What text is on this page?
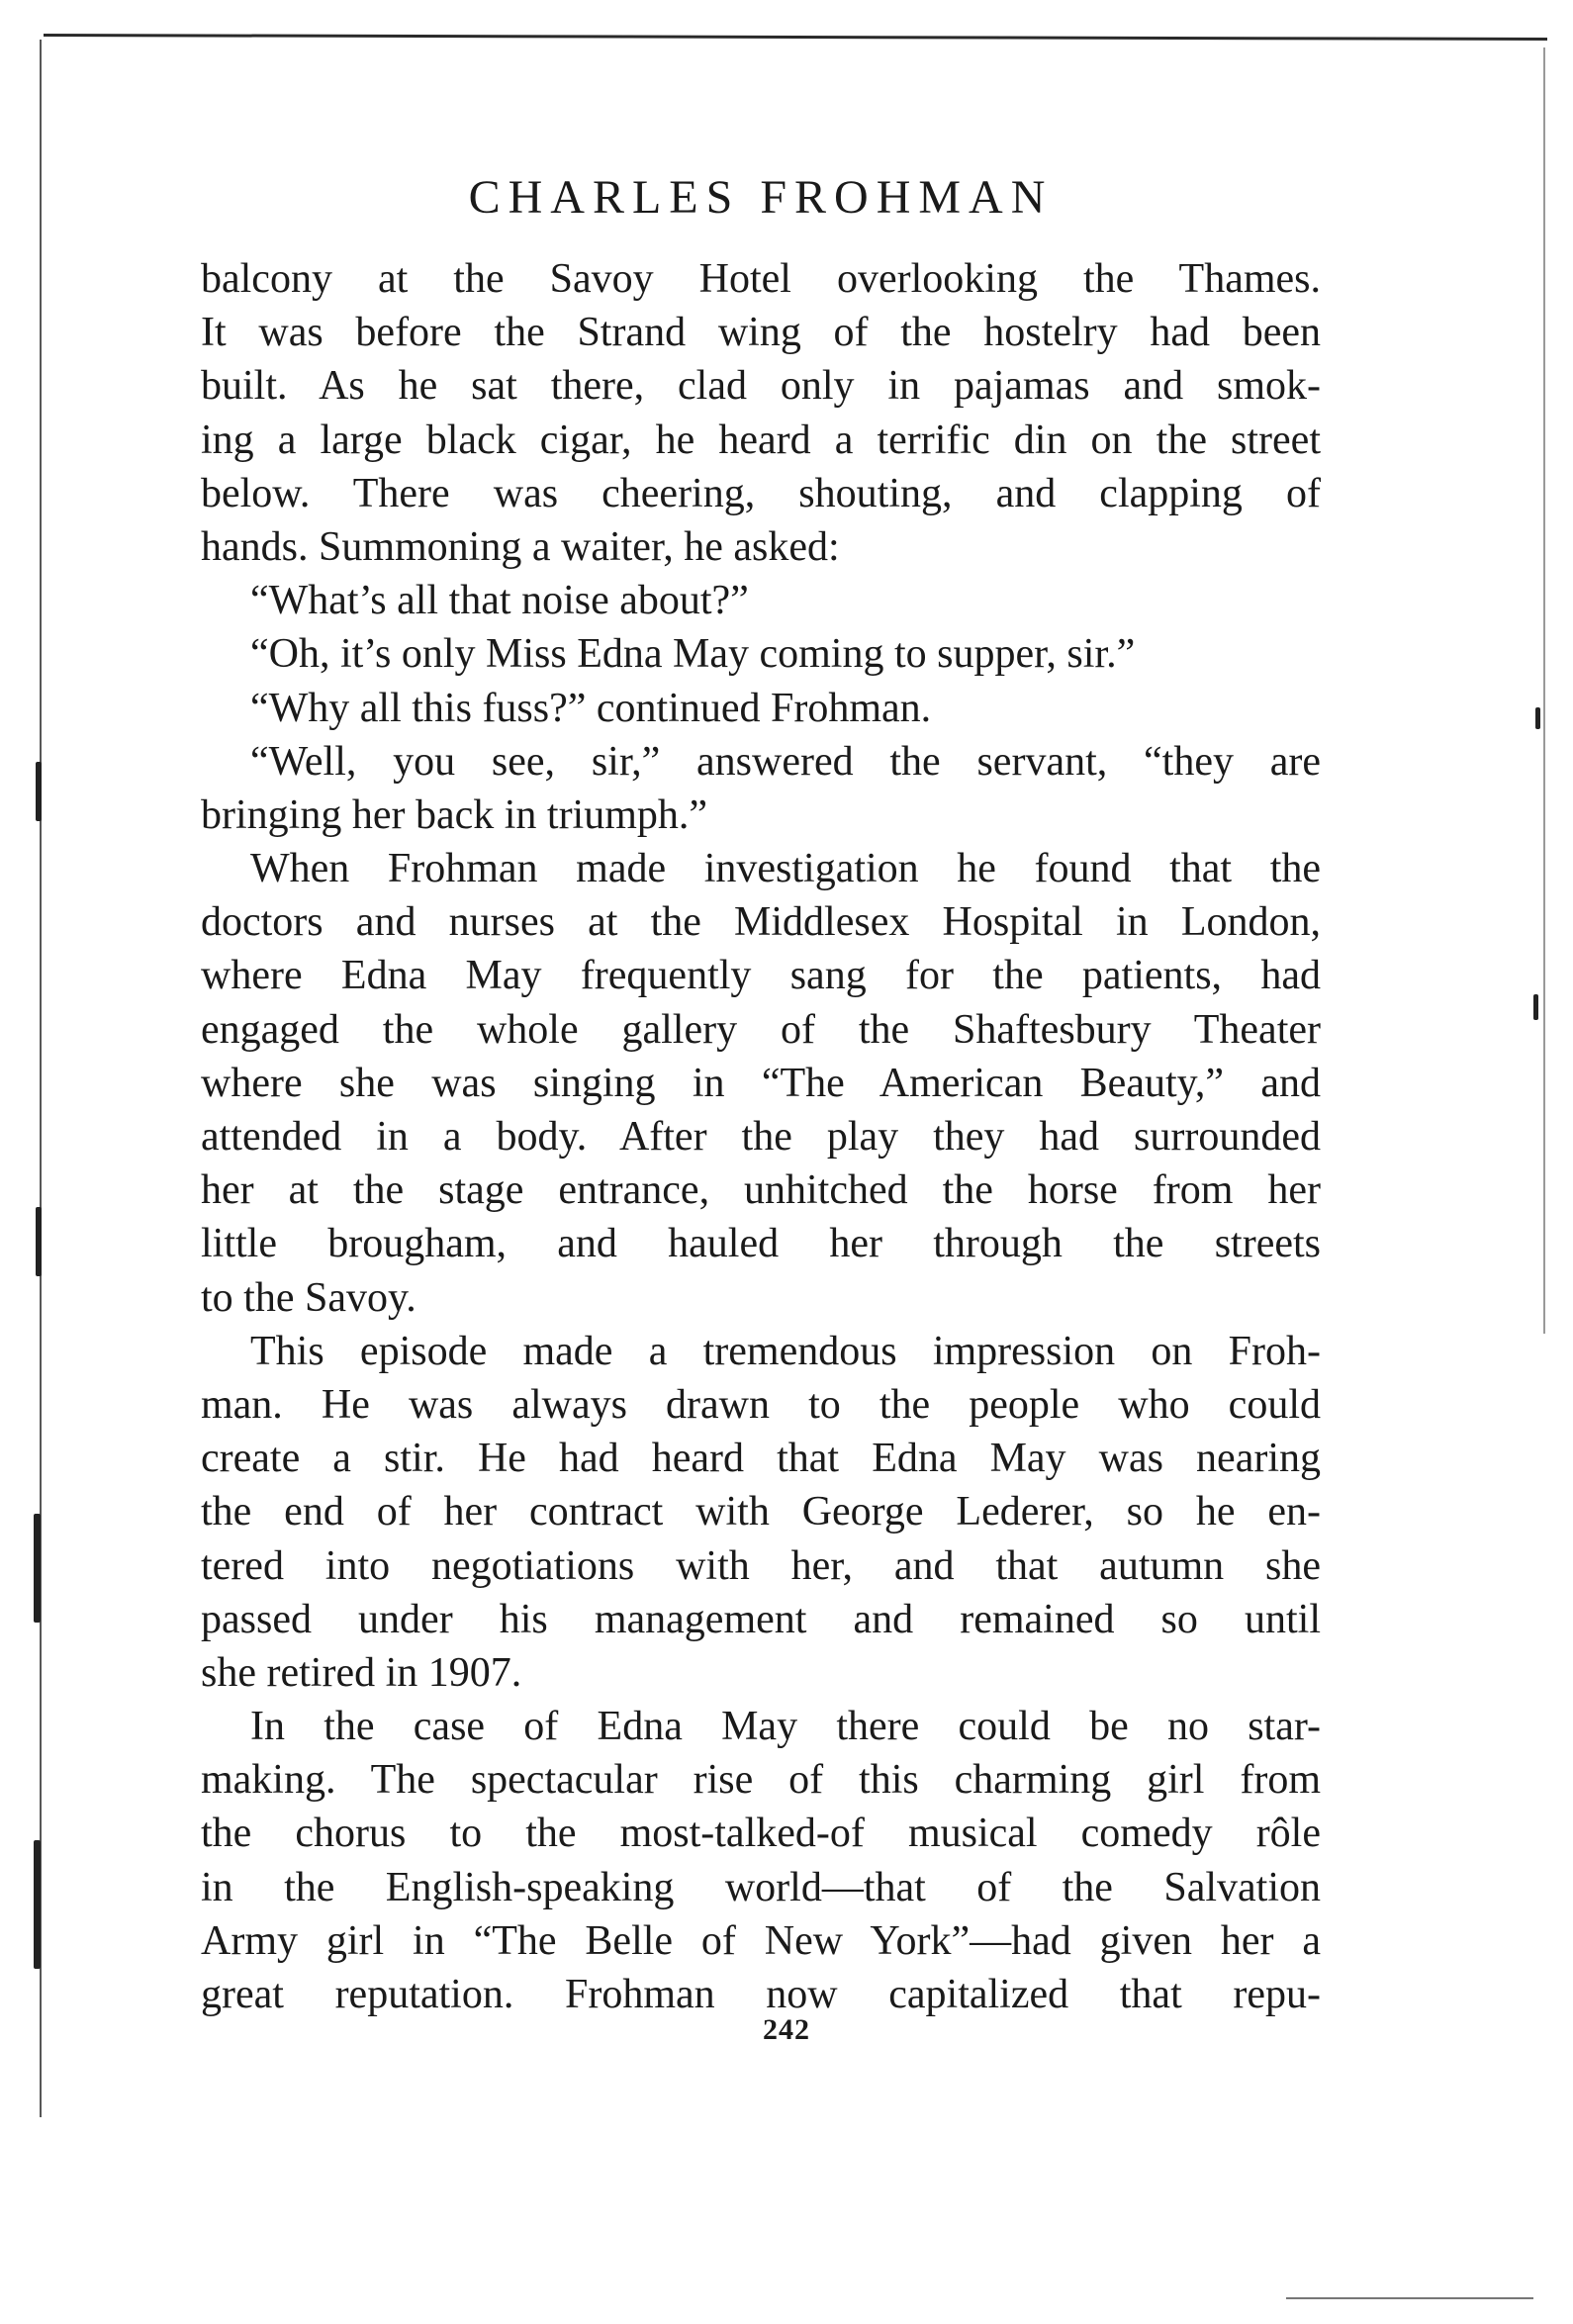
CHARLES FROHMAN
balcony at the Savoy Hotel overlooking the Thames.
It was before the Strand wing of the hostelry had been
built. As he sat there, clad only in pajamas and smok-
ing a large black cigar, he heard a terrific din on the street
below. There was cheering, shouting, and clapping of
hands. Summoning a waiter, he asked:
“What’s all that noise about?”
“Oh, it’s only Miss Edna May coming to supper, sir.”
“Why all this fuss?” continued Frohman.
“Well, you see, sir,” answered the servant, “they are
bringing her back in triumph.”
When Frohman made investigation he found that the
doctors and nurses at the Middlesex Hospital in London,
where Edna May frequently sang for the patients, had
engaged the whole gallery of the Shaftesbury Theater
where she was singing in “The American Beauty,” and
attended in a body. After the play they had surrounded
her at the stage entrance, unhitched the horse from her
little brougham, and hauled her through the streets
to the Savoy.
This episode made a tremendous impression on Froh-
man. He was always drawn to the people who could
create a stir. He had heard that Edna May was nearing
the end of her contract with George Lederer, so he en-
tered into negotiations with her, and that autumn she
passed under his management and remained so until
she retired in 1907.
In the case of Edna May there could be no star-
making. The spectacular rise of this charming girl from
the chorus to the most-talked-of musical comedy rôle
in the English-speaking world—that of the Salvation
Army girl in “The Belle of New York”—had given her a
great reputation. Frohman now capitalized that repu-
242
